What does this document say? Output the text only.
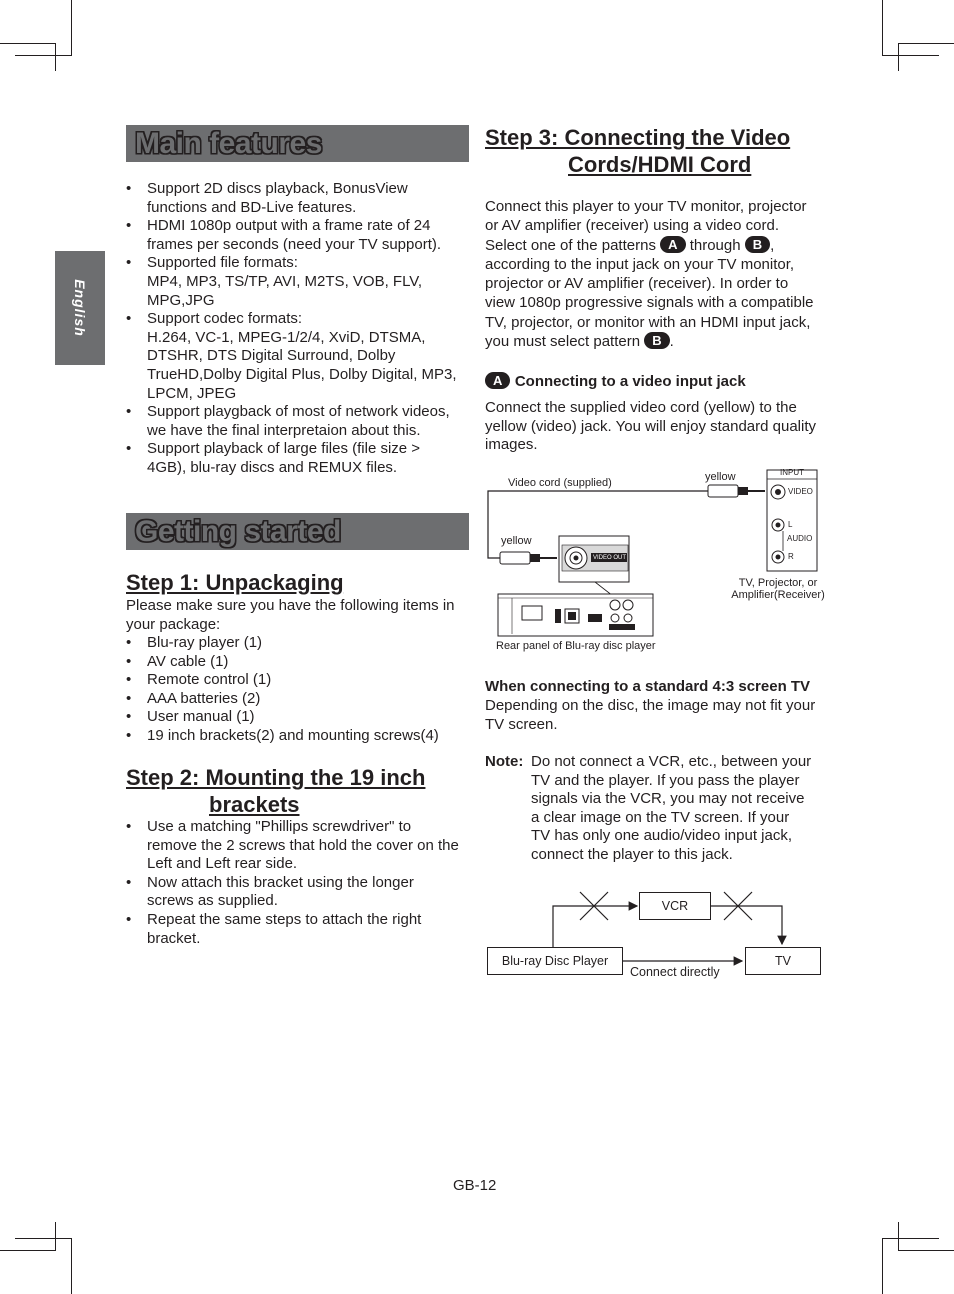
English
Main features
• Support 2D discs playback, BonusView
functions and BD-Live features.
• HDMI 1080p output with a frame rate of 24
frames per seconds (need your TV support).
• Supported file formats:
MP4, MP3, TS/TP, AVI, M2TS, VOB, FLV,
MPG,JPG
• Support codec formats:
H.264, VC-1, MPEG-1/2/4, XviD, DTSMA,
DTSHR, DTS Digital Surround, Dolby
TrueHD,Dolby Digital Plus, Dolby Digital, MP3,
LPCM, JPEG
• Support playgback of most of network videos,
we have the final interpretaion about this.
• Support playback of large files (file size >
4GB), blu-ray discs and REMUX files.
Getting started
Step 1: Unpackaging
Please make sure you have the following items in
your package:
• Blu-ray player (1)
• AV cable (1)
• Remote control (1)
• AAA batteries (2)
• User manual (1)
• 19 inch brackets(2) and mounting screws(4)
Step 2: Mounting the 19 inch
brackets
• Use a matching "Phillips screwdriver" to
remove the 2 screws that hold the cover on the
Left and Left rear side.
• Now attach this bracket using the longer
screws as supplied.
• Repeat the same steps to attach the right
bracket.
Step 3: Connecting the Video
Cords/HDMI Cord
Connect this player to your TV monitor, projector
or AV amplifier (receiver) using a video cord.
Select one of the patterns A through B ,
according to the input jack on your TV monitor,
projector or AV amplifier (receiver). In order to
view 1080p progressive signals with a compatible
TV, projector, or monitor with an HDMI input jack,
you must select pattern B .
A Connecting to a video input jack
Connect the supplied video cord (yellow) to the
yellow (video) jack. You will enjoy standard quality
images.
Video cord (supplied)	yellow
yellow
INPUT
VIDEO
L
AUDIO
R
VIDEO OUT
TV, Projector, or
Amplifier(Receiver)
Rear panel of Blu-ray disc player
When connecting to a standard 4:3 screen TV
Depending on the disc, the image may not fit your
TV screen.
Note: Do not connect a VCR, etc., between your
TV and the player. If you pass the player
signals via the VCR, you may not receive
a clear image on the TV screen. If your
TV has only one audio/video input jack,
connect the player to this jack.
VCR
Blu-ray Disc Player	TV
Connect directly
GB-12
